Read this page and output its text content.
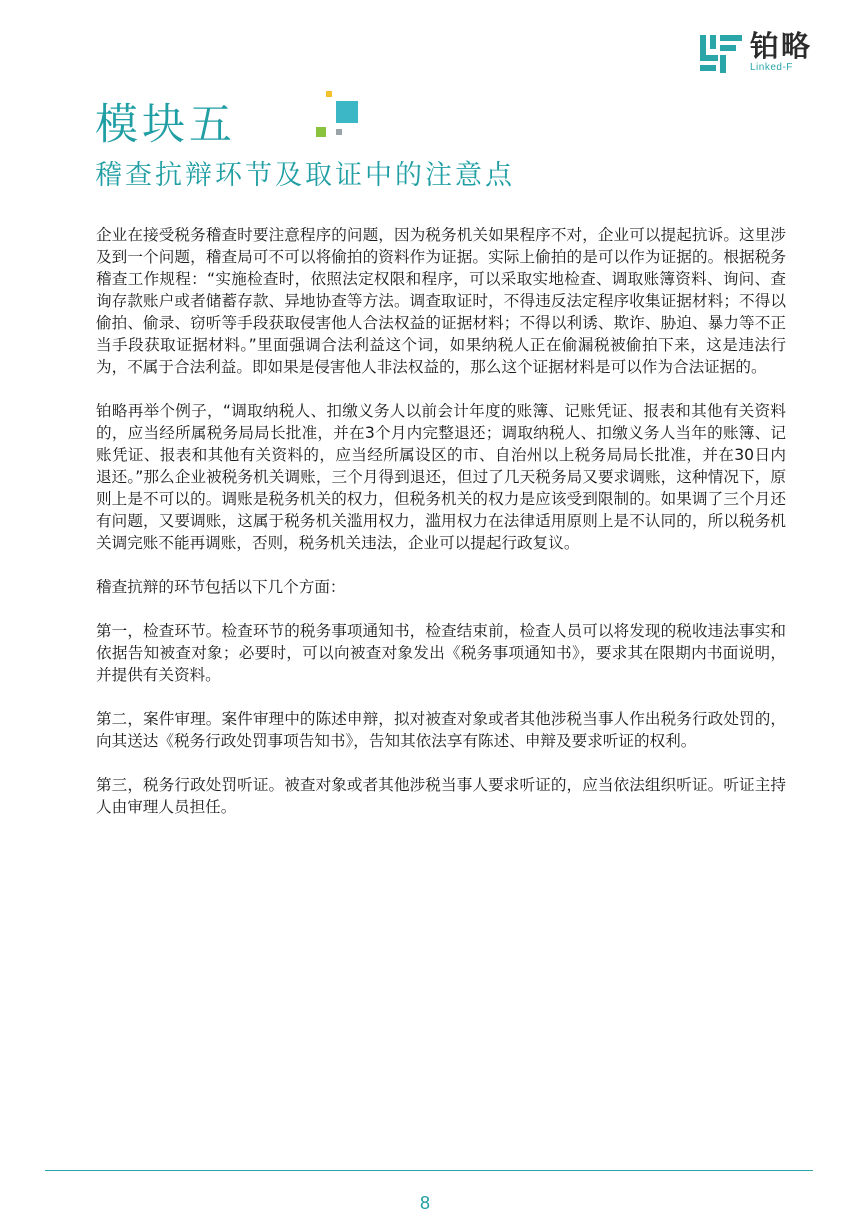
铂略
Linked-F
模块五
稽查抗辩环节及取证中的注意点

企业在接受税务稽查时要注意程序的问题，因为税务机关如果程序不对，企业可以提起抗诉。这里涉及到一个问题，稽查局可不可以将偷拍的资料作为证据。实际上偷拍的是可以作为证据的。根据税务稽查工作规程：“实施检查时，依照法定权限和程序，可以采取实地检查、调取账簿资料、询问、查询存款账户或者储蓄存款、异地协查等方法。调查取证时，不得违反法定程序收集证据材料；不得以偷拍、偷录、窃听等手段获取侵害他人合法权益的证据材料；不得以利诱、欺诈、胁迫、暴力等不正当手段获取证据材料。”里面强调合法利益这个词，如果纳税人正在偷漏税被偷拍下来，这是违法行为，不属于合法利益。即如果是侵害他人非法权益的，那么这个证据材料是可以作为合法证据的。

铂略再举个例子，“调取纳税人、扣缴义务人以前会计年度的账簿、记账凭证、报表和其他有关资料的，应当经所属税务局局长批准，并在3个月内完整退还；调取纳税人、扣缴义务人当年的账簿、记账凭证、报表和其他有关资料的，应当经所属设区的市、自治州以上税务局局长批准，并在30日内退还。”那么企业被税务机关调账，三个月得到退还，但过了几天税务局又要求调账，这种情况下，原则上是不可以的。调账是税务机关的权力，但税务机关的权力是应该受到限制的。如果调了三个月还有问题，又要调账，这属于税务机关滥用权力，滥用权力在法律适用原则上是不认同的，所以税务机关调完账不能再调账，否则，税务机关违法，企业可以提起行政复议。

稽查抗辩的环节包括以下几个方面：

第一，检查环节。检查环节的税务事项通知书，检查结束前，检查人员可以将发现的税收违法事实和依据告知被查对象；必要时，可以向被查对象发出《税务事项通知书》，要求其在限期内书面说明，并提供有关资料。

第二，案件审理。案件审理中的陈述申辩，拟对被查对象或者其他涉税当事人作出税务行政处罚的，向其送达《税务行政处罚事项告知书》，告知其依法享有陈述、申辩及要求听证的权利。

第三，税务行政处罚听证。被查对象或者其他涉税当事人要求听证的，应当依法组织听证。听证主持人由审理人员担任。

8
